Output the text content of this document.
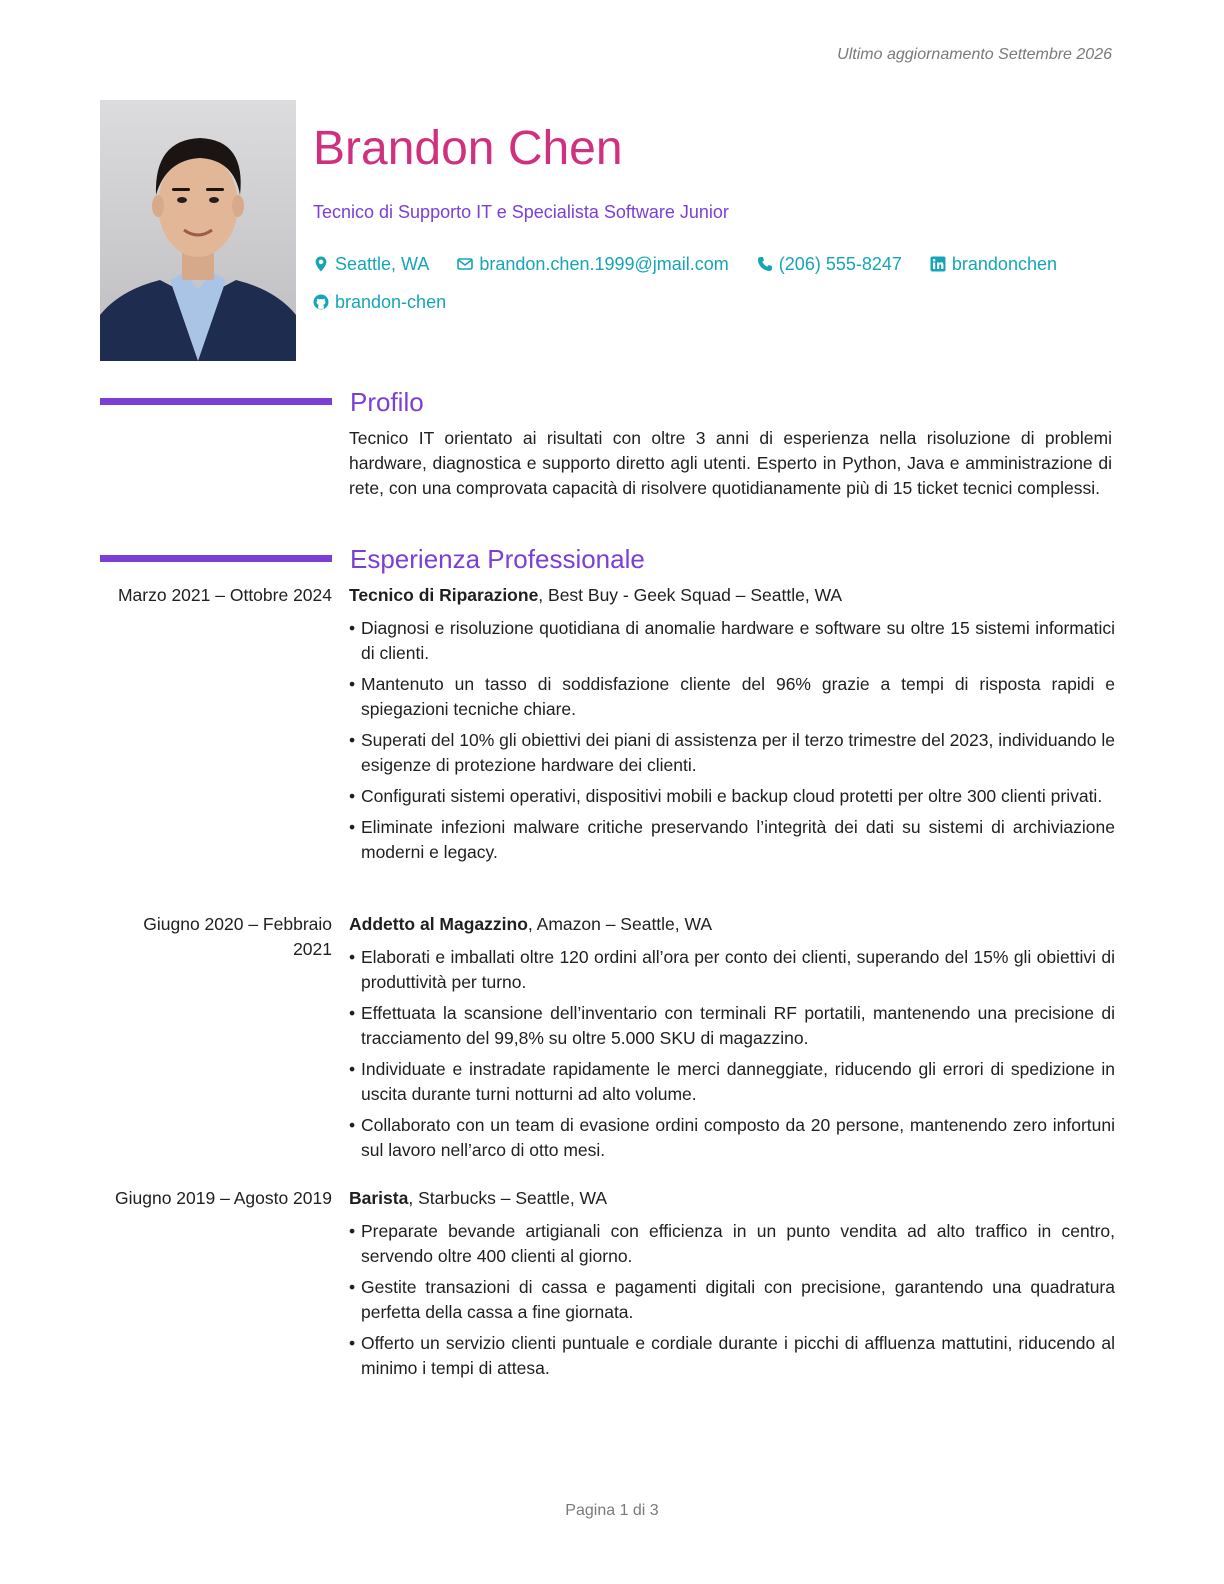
Ultimo aggiornamento Settembre 2026
Brandon Chen
Tecnico di Supporto IT e Specialista Software Junior
Seattle, WA	brandon.chen.1999@jmail.com	(206) 555-8247	brandonchen
brandon-chen
Profilo
Tecnico IT orientato ai risultati con oltre 3 anni di esperienza nella risoluzione di problemi hardware, diagnostica e supporto diretto agli utenti. Esperto in Python, Java e amministrazione di rete, con una comprovata capacità di risolvere quotidianamente più di 15 ticket tecnici complessi.
Esperienza Professionale
Marzo 2021 – Ottobre 2024 Tecnico di Riparazione, Best Buy - Geek Squad – Seattle, WA
• Diagnosi e risoluzione quotidiana di anomalie hardware e software su oltre 15 sistemi informatici di clienti.
• Mantenuto un tasso di soddisfazione cliente del 96% grazie a tempi di risposta rapidi e spiegazioni tecniche chiare.
• Superati del 10% gli obiettivi dei piani di assistenza per il terzo trimestre del 2023, individuando le esigenze di protezione hardware dei clienti.
• Configurati sistemi operativi, dispositivi mobili e backup cloud protetti per oltre 300 clienti privati.
• Eliminate infezioni malware critiche preservando l’integrità dei dati su sistemi di archiviazione moderni e legacy.
Giugno 2020 – Febbraio 2021
Addetto al Magazzino, Amazon – Seattle, WA
• Elaborati e imballati oltre 120 ordini all’ora per conto dei clienti, superando del 15% gli obiettivi di produttività per turno.
• Effettuata la scansione dell’inventario con terminali RF portatili, mantenendo una precisione di tracciamento del 99,8% su oltre 5.000 SKU di magazzino.
• Individuate e instradate rapidamente le merci danneggiate, riducendo gli errori di spedizione in uscita durante turni notturni ad alto volume.
• Collaborato con un team di evasione ordini composto da 20 persone, mantenendo zero infortuni sul lavoro nell’arco di otto mesi.
Giugno 2019 – Agosto 2019 Barista, Starbucks – Seattle, WA
• Preparate bevande artigianali con efficienza in un punto vendita ad alto traffico in centro, servendo oltre 400 clienti al giorno.
• Gestite transazioni di cassa e pagamenti digitali con precisione, garantendo una quadratura perfetta della cassa a fine giornata.
• Offerto un servizio clienti puntuale e cordiale durante i picchi di affluenza mattutini, riducendo al minimo i tempi di attesa.
Pagina 1 di 3
